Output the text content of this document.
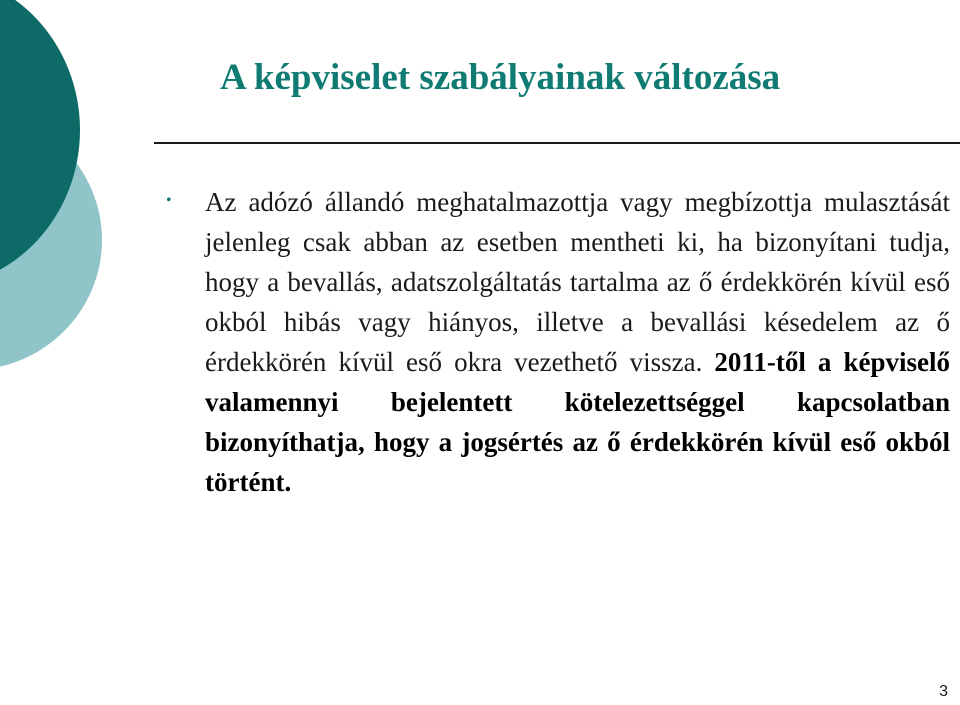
A képviselet szabályainak változása
• Az adózó állandó meghatalmazottja vagy megbízottja mulasztását jelenleg csak abban az esetben mentheti ki, ha bizonyítani tudja, hogy a bevallás, adatszolgáltatás tartalma az ő érdekkörén kívül eső okból hibás vagy hiányos, illetve a bevallási késedelem az ő érdekkörén kívül eső okra vezethető vissza. 2011-től a képviselő valamennyi bejelentett kötelezettséggel kapcsolatban bizonyíthatja, hogy a jogsértés az ő érdekkörén kívül eső okból történt.

3
